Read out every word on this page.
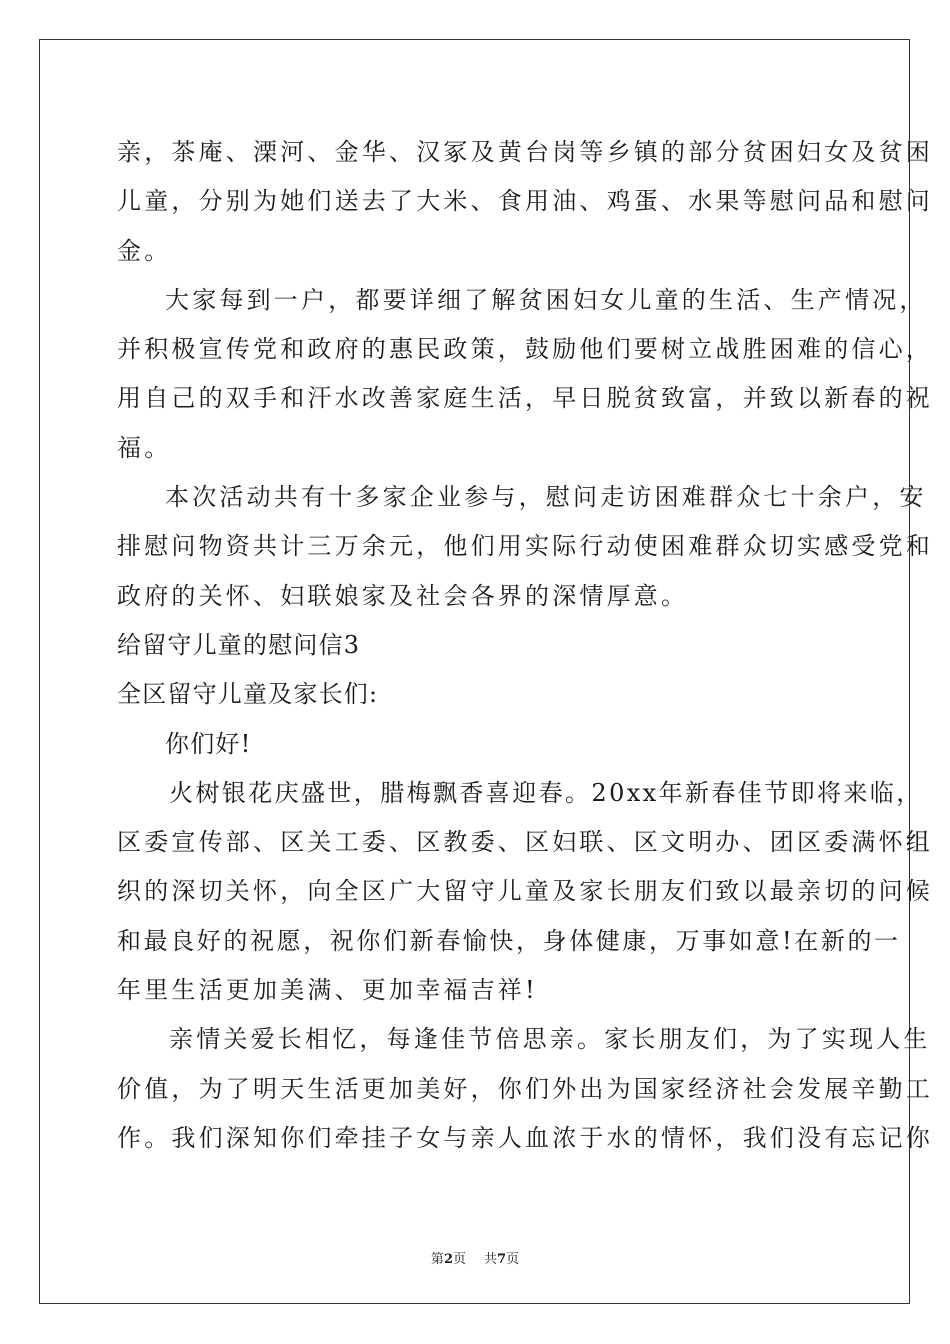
亲，茶庵、溧河、金华、汉冢及黄台岗等乡镇的部分贫困妇女及贫困
儿童，分别为她们送去了大米、食用油、鸡蛋、水果等慰问品和慰问
金。
大家每到一户，都要详细了解贫困妇女儿童的生活、生产情况，
并积极宣传党和政府的惠民政策，鼓励他们要树立战胜困难的信心，
用自己的双手和汗水改善家庭生活，早日脱贫致富，并致以新春的祝
福。
本次活动共有十多家企业参与，慰问走访困难群众七十余户，安
排慰问物资共计三万余元，他们用实际行动使困难群众切实感受党和
政府的关怀、妇联娘家及社会各界的深情厚意。
给留守儿童的慰问信3
全区留守儿童及家长们:
你们好!
火树银花庆盛世，腊梅飘香喜迎春。20xx年新春佳节即将来临，
区委宣传部、区关工委、区教委、区妇联、区文明办、团区委满怀组
织的深切关怀，向全区广大留守儿童及家长朋友们致以最亲切的问候
和最良好的祝愿，祝你们新春愉快，身体健康，万事如意!在新的一
年里生活更加美满、更加幸福吉祥!
亲情关爱长相忆，每逢佳节倍思亲。家长朋友们，为了实现人生
价值，为了明天生活更加美好，你们外出为国家经济社会发展辛勤工
作。我们深知你们牵挂子女与亲人血浓于水的情怀，我们没有忘记你
第2页 共7页
